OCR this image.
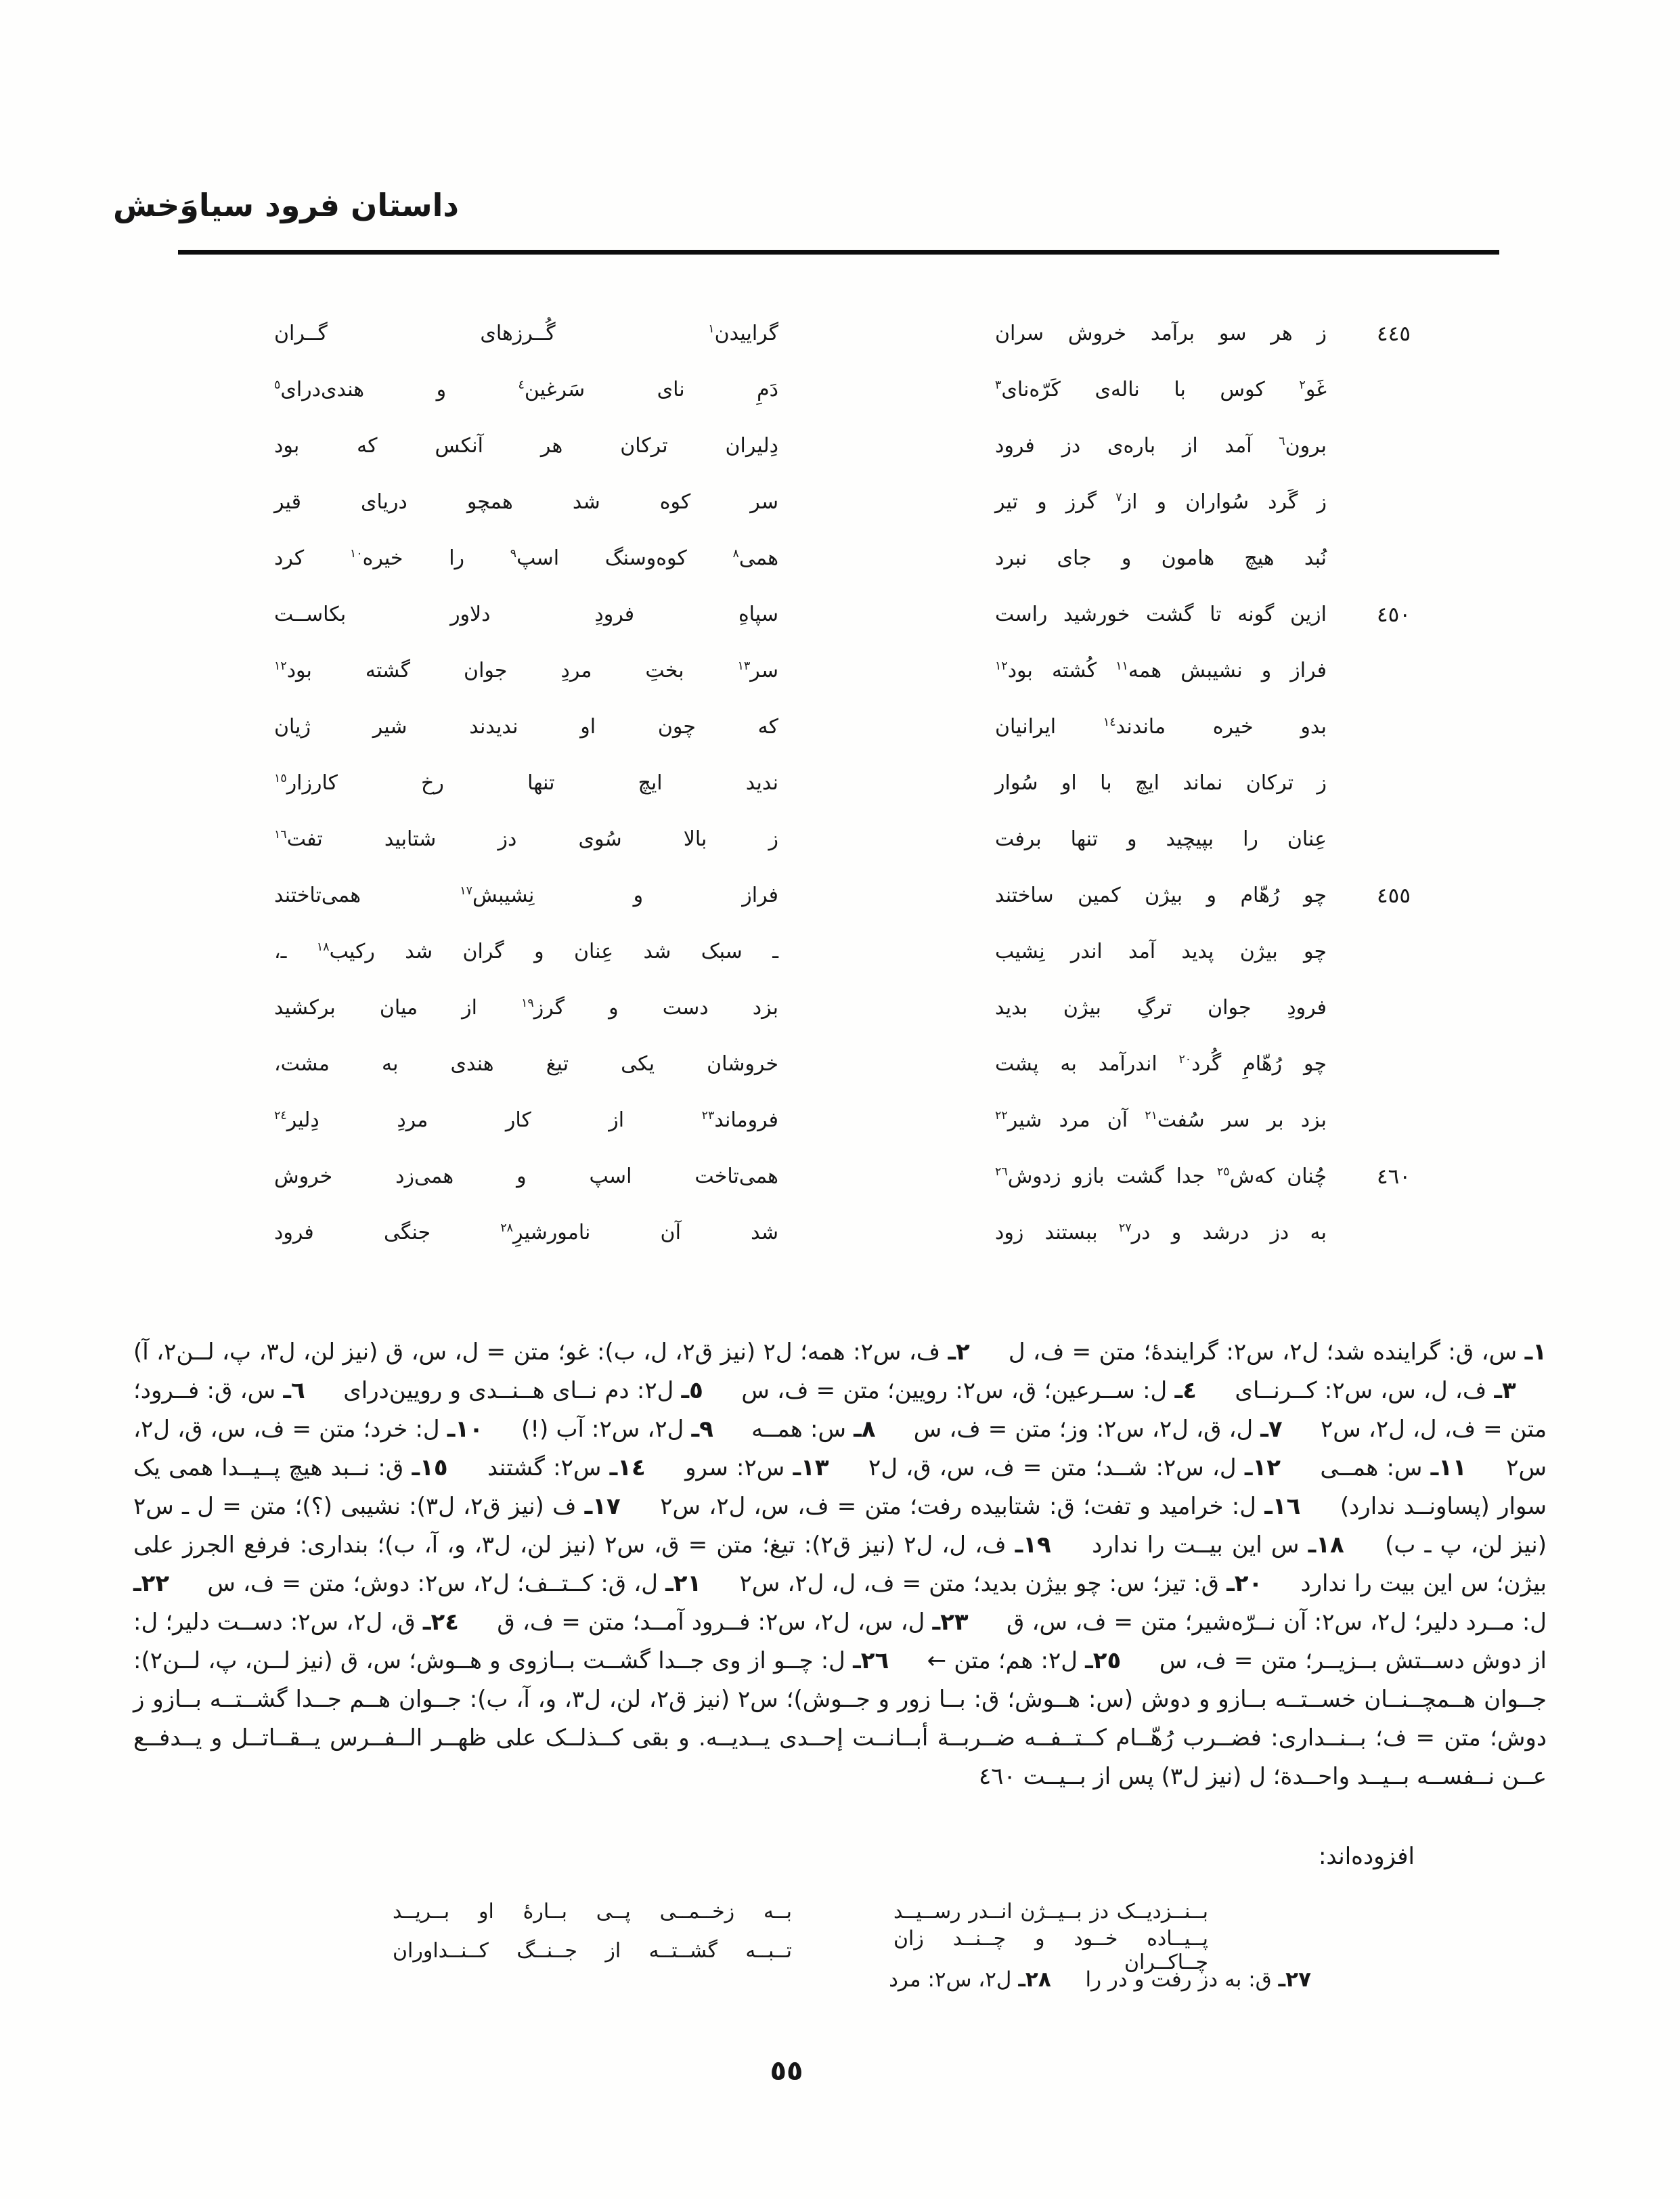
داستان فرود سیاوَخش
٤٤٥
ز هر سو برآمد خروش سران
گراییدن$^١$ گُــرزهای گــران
غَو$^٢$ کوس با ناله‌ی کَرّه‌نای$^٣$
دَمِ نای سَرغین$^٤$ و هندی‌درای$^٥$
برون$^٦$ آمد از باره‌ی دز فرود
دِلیران ترکان هر آنکس که بود
ز گَرد سُواران و از$^٧$ گرز و تیر
سر کوه شد همچو دریای قیر
نُبد هیچ هامون و جای نبرد
همی$^٨$ کوه‌وسنگ اسپ$^٩$ را خیره$^{١٠}$ کرد
٤٥٠
ازین گونه تا گشت خورشید راست
سپاهِ فرودِ دلاور بکاســت
فراز و نشیبش همه$^{١١}$ کُشته بود$^{١٢}$
سر$^{١٣}$ بختِ مردِ جوان گشته بود$^{١٢}$
بدو خیره ماندند$^{١٤}$ ایرانیان
که چون او ندیدند شیر ژیان
ز ترکان نماند ایچ با او سُوار
ندید ایچ تنها رخ کارزار$^{١٥}$
عِنان را بپیچید و تنها برفت
ز بالا سُوی دز شتابید تفت$^{١٦}$
٤٥٥
چو رُهّام و بیژن کمین ساختند
فراز و نِشیبش$^{١٧}$ همی‌تاختند
چو بیژن پدید آمد اندر نِشیب
ـ سبک شد عِنان و گران شد رکیب$^{١٨}$ ـ،
فرودِ جوان ترگِ بیژن بدید
بزد دست و گرز$^{١٩}$ از میان برکشید
چو رُهّامِ گُرد$^{٢٠}$ اندرآمد به پشت
خروشان یکی تیغ هندی به مشت،
بزد بر سر سُفت$^{٢١}$ آن مرد شیر$^{٢٢}$
فروماند$^{٢٣}$ از کار مردِ دِلیر$^{٢٤}$
٤٦٠
چُنان که‌ش$^{٢٥}$ جدا گشت بازو زدوش$^{٢٦}$
همی‌تاخت اسپ و همی‌زد خروش
به دز درشد و در$^{٢٧}$ ببستند زود
شد آن نامورشیرِ$^{٢٨}$ جنگی فرود
١ـ س، ق: گراینده شد؛ ل٢، س٢: گرایندۀ؛ متن = ف، ل   ٢ـ ف، س٢: همه؛ ل٢ (نیز ق٢، ل، ب): غو؛ متن = ل، س، ق (نیز لن، ل٣، پ، لــن٢، آ)   ٣ـ ف، ل، س، س٢: کــرنــای   ٤ـ ل: ســرعین؛ ق، س٢: رویین؛ متن = ف، س   ٥ـ ل٢: دم نــای هــنــدی و رویین‌درای   ٦ـ س، ق: فــرود؛ متن = ف، ل، ل٢، س٢   ٧ـ ل، ق، ل٢، س٢: وز؛ متن = ف، س   ٨ـ س: همــه   ٩ـ ل٢، س٢: آب (!)   ١٠ـ ل: خرد؛ متن = ف، س، ق، ل٢، س٢   ١١ـ س: همــی   ١٢ـ ل، س٢: شــد؛ متن = ف، س، ق، ل٢   ١٣ـ س٢: سرو   ١٤ـ س٢: گشتند   ١٥ـ ق: نــبد هیچ پــیــدا همی یک سوار (پساونــد ندارد)   ١٦ـ ل: خرامید و تفت؛ ق: شتابیده رفت؛ متن = ف، س، ل٢، س٢   ١٧ـ ف (نیز ق٢، ل٣): نشیبی (؟)؛ متن = ل ـ س٢ (نیز لن، پ ـ ب)   ١٨ـ س این بیــت را ندارد   ١٩ـ ف، ل، ل٢ (نیز ق٢): تیغ؛ متن = ق، س٢ (نیز لن، ل٣، و، آ، ب)؛ بنداری: فرفع الجرز علی بیژن؛ س این بیت را ندارد   ٢٠ـ ق: تیز؛ س: چو بیژن بدید؛ متن = ف، ل، ل٢، س٢   ٢١ـ ل، ق: کــتــف؛ ل٢، س٢: دوش؛ متن = ف، س   ٢٢ـ ل: مــرد دلیر؛ ل٢، س٢: آن نــرّه‌شیر؛ متن = ف، س، ق   ٢٣ـ ل، س، ل٢، س٢: فــرود آمــد؛ متن = ف، ق   ٢٤ـ ق، ل٢، س٢: دســت دلیر؛ ل: از دوش دســتش بــزیــر؛ متن = ف، س   ٢٥ـ ل٢: هم؛ متن ←   ٢٦ـ ل: چــو از وی جــدا گشــت بــازوی و هــوش؛ س، ق (نیز لــن، پ، لــن٢): جــوان هــمچــنــان خســتــه بــازو و دوش (س: هــوش؛ ق: بــا زور و جــوش)؛ س٢ (نیز ق٢، لن، ل٣، و، آ، ب): جــوان هــم جــدا گشــتــه بــازو ز دوش؛ متن = ف؛ بــنــداری: فضــرب رُهّــام کــتــفــه ضــربــة أبــانــت إحــدی یــدیــه. و بقی کــذلــک علی ظهــر الــفــرس یــقــاتــل و یــدفــع عــن نــفســه بــیــد واحــدة؛ ل (نیز ل٣) پس از بــیــت ٤٦٠
افزوده‌اند:
بــنــزدیــک دز بــیــژن انــدر رســیــد
بــه زخــمــی پــی بــارۀ او بــریــد
پــیــاده خــود و چــنــد زان چــاکــران
تــبــه گشــتــه از جــنــگ کــنــداوران
٢٧ـ ق: به دز رفت و در را   ٢٨ـ ل٢، س٢: مرد
٥٥
